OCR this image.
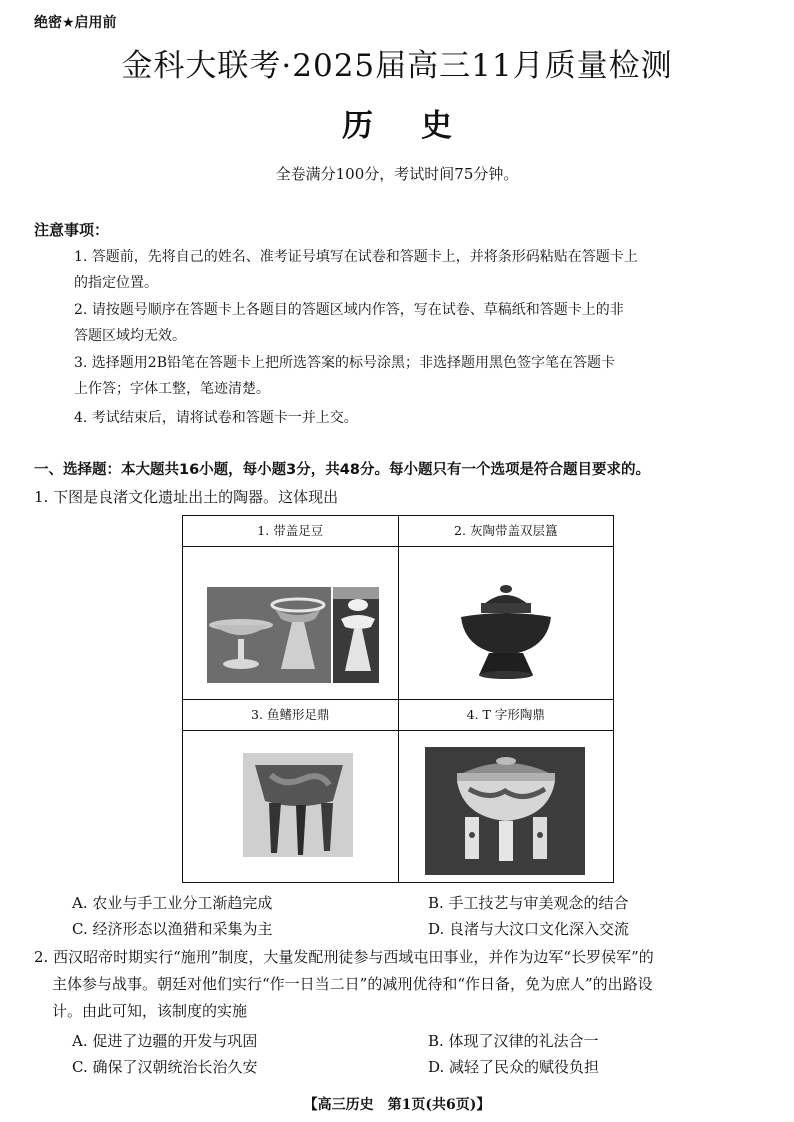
绝密★启用前
金科大联考·2025届高三11月质量检测
历史
全卷满分100分，考试时间75分钟。
注意事项：
1. 答题前，先将自己的姓名、准考证号填写在试卷和答题卡上，并将条形码粘贴在答题卡上
的指定位置。
2. 请按题号顺序在答题卡上各题目的答题区域内作答，写在试卷、草稿纸和答题卡上的非
答题区域均无效。
3. 选择题用2B铅笔在答题卡上把所选答案的标号涂黑；非选择题用黑色签字笔在答题卡
上作答；字体工整，笔迹清楚。
4. 考试结束后，请将试卷和答题卡一并上交。
一、选择题：本大题共16小题，每小题3分，共48分。每小题只有一个选项是符合题目要求的。
1. 下图是良渚文化遗址出土的陶器。这体现出
1. 带盖足豆	2. 灰陶带盖双层簋

3. 鱼鳍形足鼎	4. T 字形陶鼎
A. 农业与手工业分工渐趋完成	B. 手工技艺与审美观念的结合
C. 经济形态以渔猎和采集为主	D. 良渚与大汶口文化深入交流
2. 西汉昭帝时期实行“施刑”制度，大量发配刑徒参与西域屯田事业，并作为边军“长罗侯军”的
主体参与战事。朝廷对他们实行“作一日当二日”的减刑优待和“作日备，免为庶人”的出路设
计。由此可知，该制度的实施
A. 促进了边疆的开发与巩固	B. 体现了汉律的礼法合一
C. 确保了汉朝统治长治久安	D. 减轻了民众的赋役负担
【高三历史　第1页(共6页)】
